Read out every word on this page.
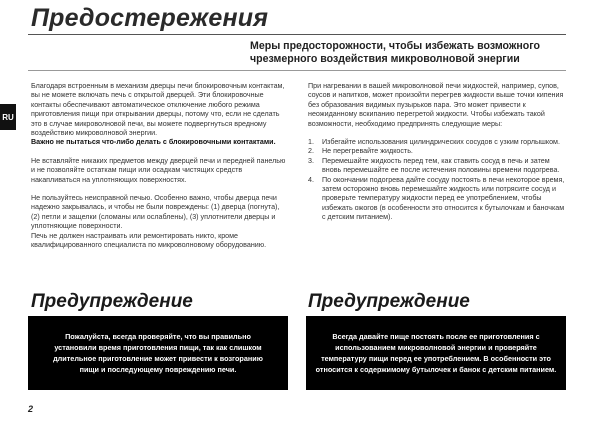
Предостережения
Меры предосторожности, чтобы избежать возможного
чрезмерного воздействия микроволновой энергии
RU

Благодаря встроенным в механизм дверцы печи блокировочным контактам, вы не можете включать печь с открытой дверцей. Эти блокировочные контакты обеспечивают автоматическое отключение любого режима приготовления пищи при открывании дверцы, потому что, если не сделать это в случае микроволновой печи, вы можете подвергнуться вредному воздействию микроволновой энергии.

Важно не пытаться что-либо делать с блокировочными контактами.

Не вставляйте никаких предметов между дверцей печи и передней панелью и не позволяйте остаткам пищи или осадкам чистящих средств накапливаться на уплотняющих поверхностях.

Не пользуйтесь неисправной печью. Особенно важно, чтобы дверца печи надежно закрывалась, и чтобы не были повреждены: (1) дверца (погнута), (2) петли и защелки (сломаны или ослаблены), (3) уплотнители дверцы и уплотняющие поверхности.

Печь не должен настраивать или ремонтировать никто, кроме квалифицированного специалиста по микроволновому оборудованию.

При нагревании в вашей микроволновой печи жидкостей, например, супов, соусов и напитков, может произойти перегрев жидкости выше точки кипения без образования видимых пузырьков пара. Это может привести к неожиданному вскипанию перегретой жидкости. Чтобы избежать такой возможности, необходимо предпринять следующие меры:

1.	Избегайте использования цилиндрических сосудов с узким горлышком.
2.	Не перегревайте жидкость.
3.	Перемешайте жидкость перед тем, как ставить сосуд в печь и затем вновь перемешайте ее после истечения половины времени подогрева.
4.	По окончании подогрева дайте сосуду постоять в печи некоторое время, затем осторожно вновь перемешайте жидкость или потрясите сосуд и проверьте температуру жидкости перед ее употреблением, чтобы избежать ожогов (в особенности это относится к бутылочкам и баночкам с детским питанием).
Предупреждение
Пожалуйста, всегда проверяйте, что вы правильно установили время приготовления пищи, так как слишком длительное приготовление может привести к возгоранию пищи и последующему повреждению печи.
Предупреждение
Всегда давайте пище постоять после ее приготовления с использованием микроволновой энергии и проверяйте температуру пищи перед ее употреблением. В особенности это относится к содержимому бутылочек и банок с детским питанием.
2
